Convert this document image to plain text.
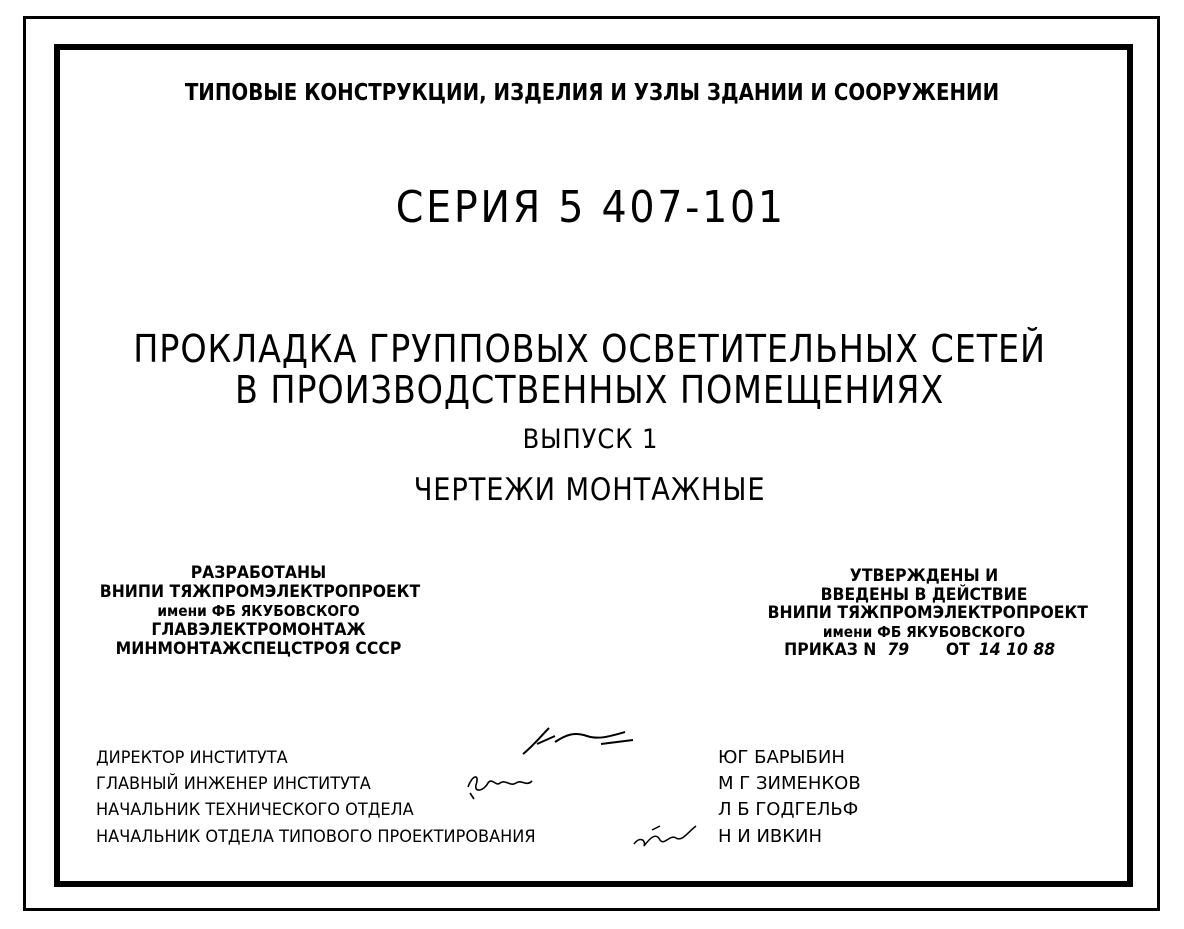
ТИПОВЫЕ КОНСТРУКЦИИ, ИЗДЕЛИЯ И УЗЛЫ ЗДАНИИ И СООРУЖЕНИИ
СЕРИЯ 5 407-101
ПРОКЛАДКА ГРУППОВЫХ ОСВЕТИТЕЛЬНЫХ СЕТЕЙ
В ПРОИЗВОДСТВЕННЫХ ПОМЕЩЕНИЯХ
ВЫПУСК 1
ЧЕРТЕЖИ МОНТАЖНЫЕ
РАЗРАБОТАНЫ
ВНИПИ ТЯЖПРОМЭЛЕКТРОПРОЕКТ
имени ФБ ЯКУБОВСКОГО
ГЛАВЭЛЕКТРОМОНТАЖ
МИНМОНТАЖСПЕЦСТРОЯ СССР
УТВЕРЖДЕНЫ И
ВВЕДЕНЫ В ДЕЙСТВИЕ
ВНИПИ ТЯЖПРОМЭЛЕКТРОПРОЕКТ
имени ФБ ЯКУБОВСКОГО
ПРИКАЗ N 79 ОТ 14 10 88
ДИРЕКТОР ИНСТИТУТА
ГЛАВНЫЙ ИНЖЕНЕР ИНСТИТУТА
НАЧАЛЬНИК ТЕХНИЧЕСКОГО ОТДЕЛА
НАЧАЛЬНИК ОТДЕЛА ТИПОВОГО ПРОЕКТИРОВАНИЯ
ЮГ БАРЫБИН
М Г ЗИМЕНКОВ
Л Б ГОДГЕЛЬФ
Н И ИВКИН
